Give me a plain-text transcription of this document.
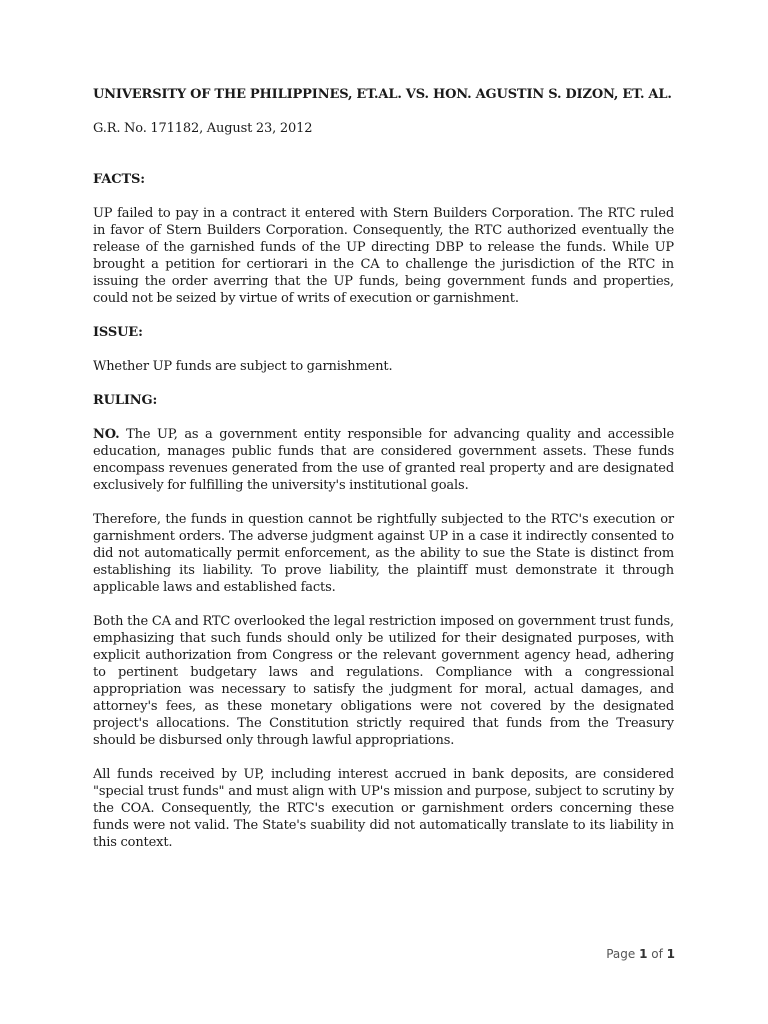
UNIVERSITY OF THE PHILIPPINES, ET.AL. VS. HON. AGUSTIN S. DIZON, ET. AL.

G.R. No. 171182, August 23, 2012

FACTS:

UP failed to pay in a contract it entered with Stern Builders Corporation. The RTC ruled in favor of Stern Builders Corporation. Consequently, the RTC authorized eventually the release of the garnished funds of the UP directing DBP to release the funds. While UP brought a petition for certiorari in the CA to challenge the jurisdiction of the RTC in issuing the order averring that the UP funds, being government funds and properties, could not be seized by virtue of writs of execution or garnishment.

ISSUE:

Whether UP funds are subject to garnishment.

RULING:

NO. The UP, as a government entity responsible for advancing quality and accessible education, manages public funds that are considered government assets. These funds encompass revenues generated from the use of granted real property and are designated exclusively for fulfilling the university's institutional goals.

Therefore, the funds in question cannot be rightfully subjected to the RTC's execution or garnishment orders. The adverse judgment against UP in a case it indirectly consented to did not automatically permit enforcement, as the ability to sue the State is distinct from establishing its liability. To prove liability, the plaintiff must demonstrate it through applicable laws and established facts.

Both the CA and RTC overlooked the legal restriction imposed on government trust funds, emphasizing that such funds should only be utilized for their designated purposes, with explicit authorization from Congress or the relevant government agency head, adhering to pertinent budgetary laws and regulations. Compliance with a congressional appropriation was necessary to satisfy the judgment for moral, actual damages, and attorney's fees, as these monetary obligations were not covered by the designated project's allocations. The Constitution strictly required that funds from the Treasury should be disbursed only through lawful appropriations.

All funds received by UP, including interest accrued in bank deposits, are considered "special trust funds" and must align with UP's mission and purpose, subject to scrutiny by the COA. Consequently, the RTC's execution or garnishment orders concerning these funds were not valid. The State's suability did not automatically translate to its liability in this context.

Page 1 of 1
